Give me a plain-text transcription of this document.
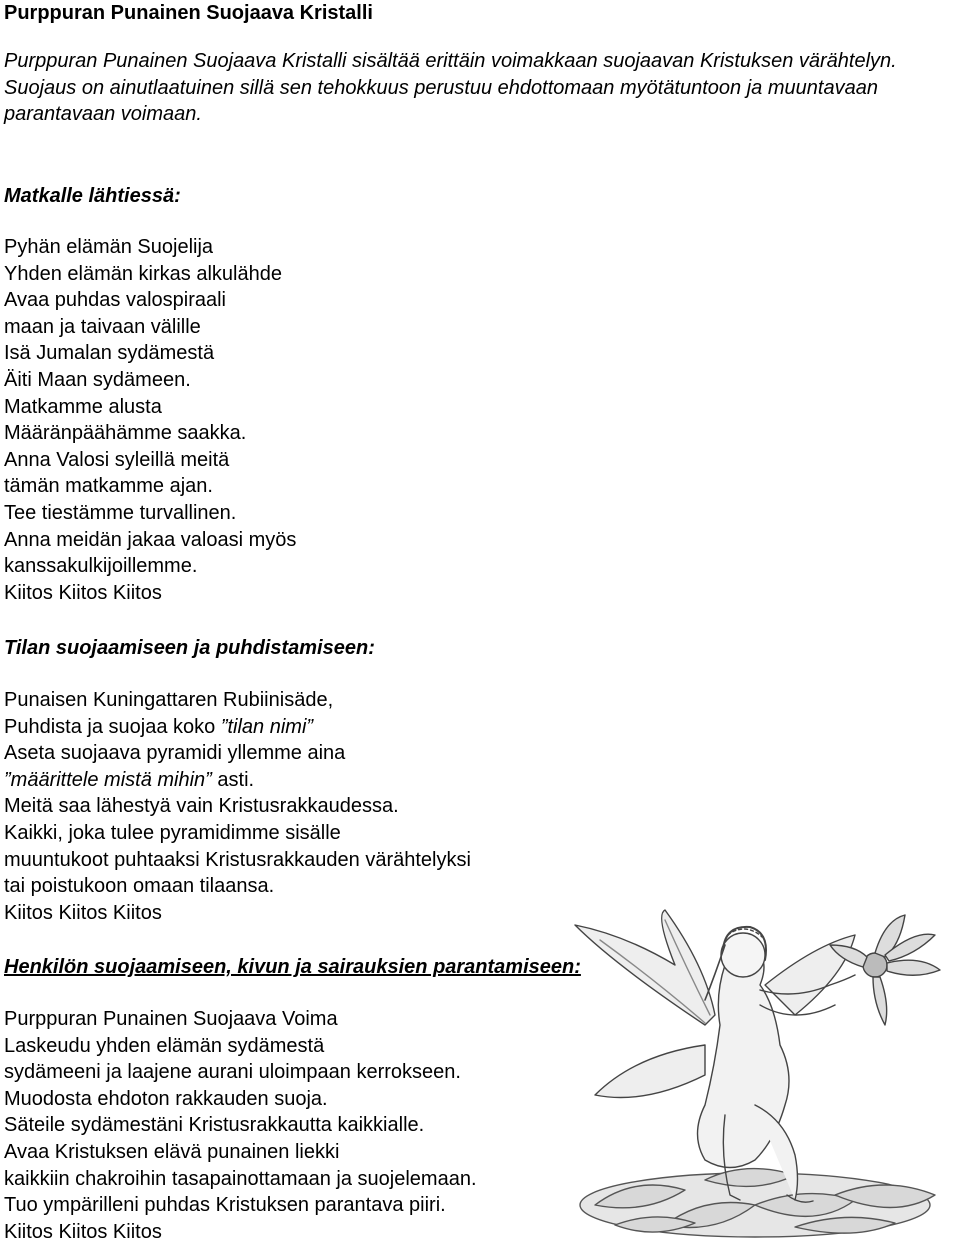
Purppuran Punainen Suojaava Kristalli

Purppuran Punainen Suojaava Kristalli sisältää erittäin voimakkaan suojaavan Kristuksen värähtelyn. Suojaus on ainutlaatuinen sillä sen tehokkuus perustuu ehdottomaan myötätuntoon ja muuntavaan parantavaan voimaan.

Matkalle lähtiessä:

Pyhän elämän Suojelija
Yhden elämän kirkas alkulähde
Avaa puhdas valospiraali
maan ja taivaan välille
Isä Jumalan sydämestä
Äiti Maan sydämeen.
Matkamme alusta
Määränpäähämme saakka.
Anna Valosi syleillä meitä
tämän matkamme ajan.
Tee tiestämme turvallinen.
Anna meidän jakaa valoasi myös
kanssakulkijoillemme.
Kiitos Kiitos Kiitos

Tilan suojaamiseen ja puhdistamiseen:

Punaisen Kuningattaren Rubiinisäde,
Puhdista ja suojaa koko ”tilan nimi”
Aseta suojaava pyramidi yllemme aina
”määrittele mistä mihin” asti.
Meitä saa lähestyä vain Kristusrakkaudessa.
Kaikki, joka tulee pyramidimme sisälle
muuntukoot puhtaaksi Kristusrakkauden värähtelyksi
tai poistukoon omaan tilaansa.
Kiitos Kiitos Kiitos

Henkilön suojaamiseen, kivun ja sairauksien parantamiseen:

Purppuran Punainen Suojaava Voima
Laskeudu yhden elämän sydämestä
sydämeeni ja laajene aurani uloimpaan kerrokseen.
Muodosta ehdoton rakkauden suoja.
Säteile sydämestäni Kristusrakkautta kaikkialle.
Avaa Kristuksen elävä punainen liekki
kaikkiin chakroihin tasapainottamaan ja suojelemaan.
Tuo ympärilleni puhdas Kristuksen parantava piiri.
Kiitos Kiitos Kiitos
